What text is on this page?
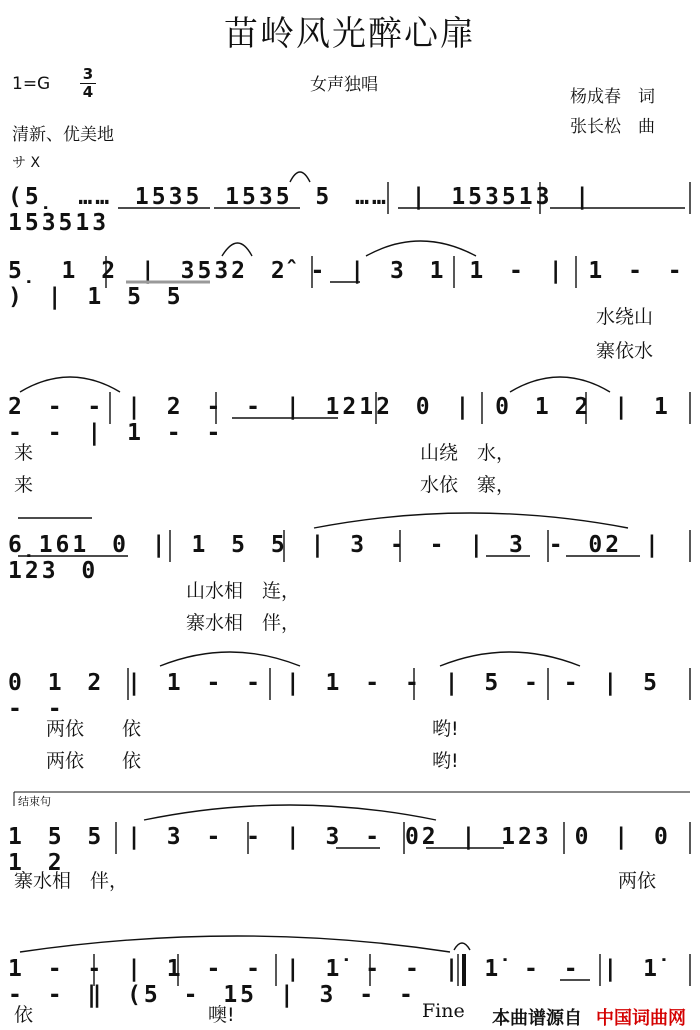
苗岭风光醉心扉
$1=G \frac{3}{4}$	女声独唱
杨成春　词
清新、优美地	张长松　曲
サ X
(5̣ …… 1535 1535 5 …… | 153513 | 153513
5̣ 1 2 | 3532 2̂ - | 3 1 1 - | 1 - - ) | 1 5 5
2 - - | 2 - - | 1212 0 | 0 1 2 | 1 - - | 1 - -
6̣161 0 | 1 5 5 | 3 - - | 3 - 02 | 123 0
0 1 2 | 1 - - | 1 - - | 5 - - | 5 - -
1 5 5 | 3 - - | 3 - 02 | 123 0 | 0 1 2
1 - - | 1 - - | 1̇ - - | 1̇ - - | 1̇ - - ‖ (5 - 15 | 3 - -
水绕山
寨依水
来	山绕　水，
来	水依　寨，
山水相　连，
寨水相　伴，
两依　　依	哟!
两依　　依	哟!
结束句
寨水相　伴，	两依
依	噢!	Fine 本曲谱源自 中国词曲网
